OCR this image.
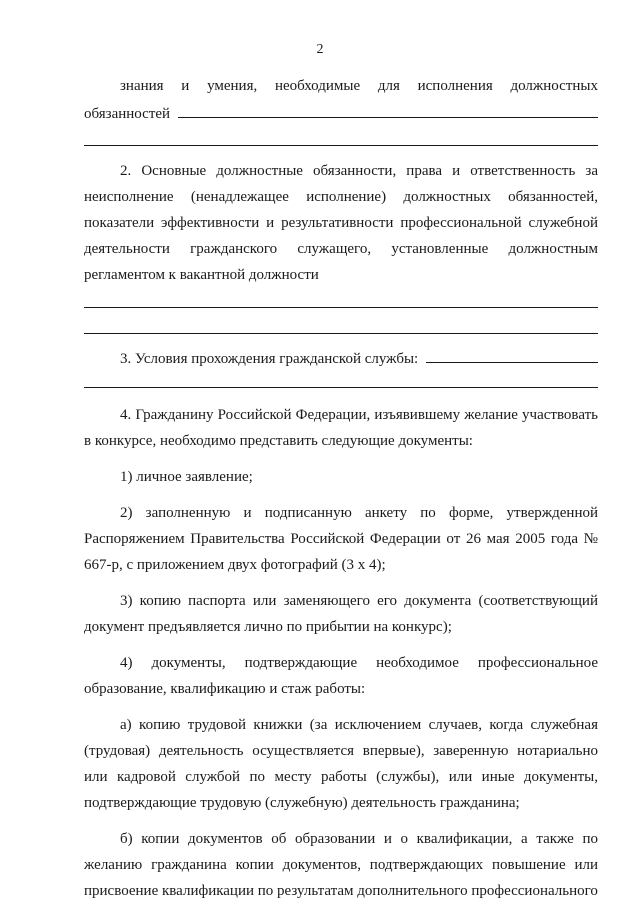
2

знания и умения, необходимые для исполнения должностных

обязанностей

2. Основные должностные обязанности, права и ответственность за неисполнение (ненадлежащее исполнение) должностных обязанностей, показатели эффективности и результативности профессиональной служебной деятельности гражданского служащего, установленные должностным регламентом к вакантной должности

3. Условия прохождения гражданской службы:

4. Гражданину Российской Федерации, изъявившему желание участвовать в конкурсе, необходимо представить следующие документы:

1) личное заявление;

2) заполненную и подписанную анкету по форме, утвержденной Распоряжением Правительства Российской Федерации от 26 мая 2005 года № 667-р, с приложением двух фотографий (3 х 4);

3) копию паспорта или заменяющего его документа (соответствующий документ предъявляется лично по прибытии на конкурс);

4) документы, подтверждающие необходимое профессиональное образование, квалификацию и стаж работы:

а) копию трудовой книжки (за исключением случаев, когда служебная (трудовая) деятельность осуществляется впервые), заверенную нотариально или кадровой службой по месту работы (службы), или иные документы, подтверждающие трудовую (служебную) деятельность гражданина;

б) копии документов об образовании и о квалификации, а также по желанию гражданина копии документов, подтверждающих повышение или присвоение квалификации по результатам дополнительного профессионального
